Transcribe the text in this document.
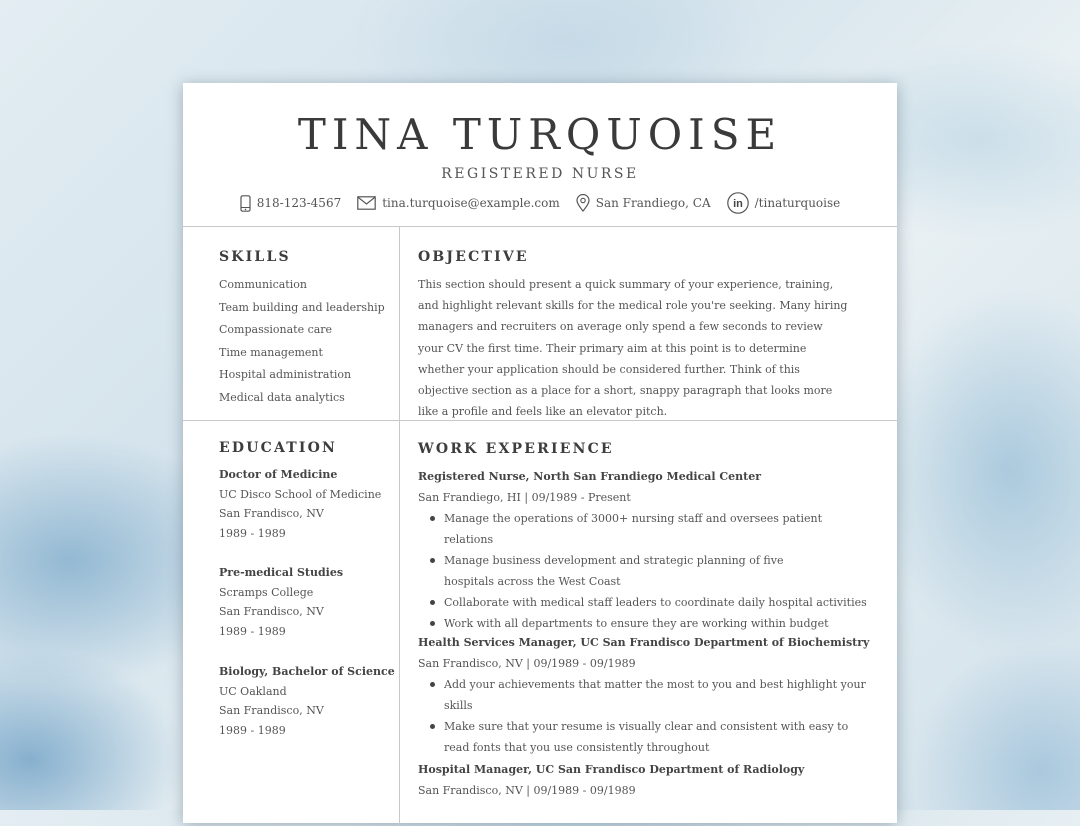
TINA TURQUOISE
REGISTERED NURSE
818-123-4567	tina.turquoise@example.com	San Frandiego, CA in /tinaturquoise
SKILLS
Communication
Team building and leadership
Compassionate care
Time management
Hospital administration
Medical data analytics
OBJECTIVE
This section should present a quick summary of your experience, training, and highlight relevant skills for the medical role you're seeking. Many hiring managers and recruiters on average only spend a few seconds to review your CV the first time. Their primary aim at this point is to determine whether your application should be considered further. Think of this objective section as a place for a short, snappy paragraph that looks more like a profile and feels like an elevator pitch.
EDUCATION
Doctor of Medicine
UC Disco School of Medicine
San Frandisco, NV
1989 - 1989
Pre-medical Studies
Scramps College
San Frandisco, NV
1989 - 1989
Biology, Bachelor of Science
UC Oakland
San Frandisco, NV
1989 - 1989
WORK EXPERIENCE
Registered Nurse, North San Frandiego Medical Center
San Frandiego, HI | 09/1989 - Present
Manage the operations of 3000+ nursing staff and oversees patient relations
Manage business development and strategic planning of five hospitals across the West Coast
Collaborate with medical staff leaders to coordinate daily hospital activities
Work with all departments to ensure they are working within budget
Health Services Manager, UC San Frandisco Department of Biochemistry
San Frandisco, NV | 09/1989 - 09/1989
Add your achievements that matter the most to you and best highlight your skills
Make sure that your resume is visually clear and consistent with easy to read fonts that you use consistently throughout
Hospital Manager, UC San Frandisco Department of Radiology
San Frandisco, NV | 09/1989 - 09/1989
